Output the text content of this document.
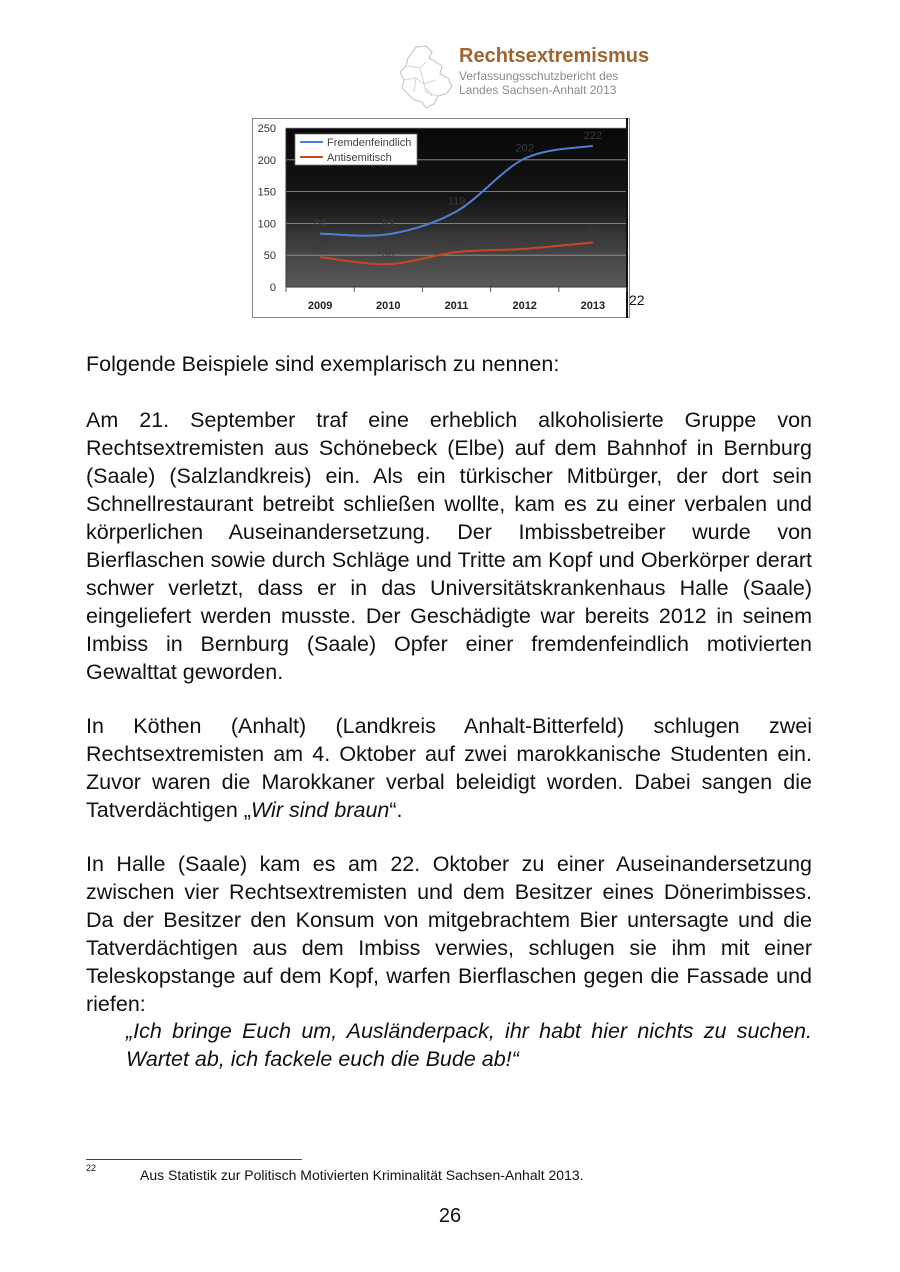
Rechtsextremismus
Verfassungsschutzbericht des
Landes Sachsen-Anhalt 2013
0
50
100
150
200
250
2009	2010	2011	2012	2013
84	83
119
202
222
47
36
55	60
70
Fremdenfeindlich
Antisemitisch
22

Folgende Beispiele sind exemplarisch zu nennen:

Am 21. September traf eine erheblich alkoholisierte Gruppe von Rechtsextremisten aus Schönebeck (Elbe) auf dem Bahnhof in Bernburg (Saale) (Salzlandkreis) ein. Als ein türkischer Mitbürger, der dort sein Schnellrestaurant betreibt schließen wollte, kam es zu einer verbalen und körperlichen Auseinandersetzung. Der Imbissbetreiber wurde von Bierflaschen sowie durch Schläge und Tritte am Kopf und Oberkörper derart schwer verletzt, dass er in das Universitätskrankenhaus Halle (Saale) eingeliefert werden musste. Der Geschädigte war bereits 2012 in seinem Imbiss in Bernburg (Saale) Opfer einer fremdenfeindlich motivierten Gewalttat geworden.

In Köthen (Anhalt) (Landkreis Anhalt-Bitterfeld) schlugen zwei Rechtsextremisten am 4. Oktober auf zwei marokkanische Studenten ein. Zuvor waren die Marokkaner verbal beleidigt worden. Dabei sangen die Tatverdächtigen „Wir sind braun“.

In Halle (Saale) kam es am 22. Oktober zu einer Auseinandersetzung zwischen vier Rechtsextremisten und dem Besitzer eines Dönerimbisses. Da der Besitzer den Konsum von mitgebrachtem Bier untersagte und die Tatverdächtigen aus dem Imbiss verwies, schlugen sie ihm mit einer Teleskopstange auf dem Kopf, warfen Bierflaschen gegen die Fassade und riefen:

„Ich bringe Euch um, Ausländerpack, ihr habt hier nichts zu suchen. Wartet ab, ich fackele euch die Bude ab!“
22	Aus Statistik zur Politisch Motivierten Kriminalität Sachsen-Anhalt 2013.
26
